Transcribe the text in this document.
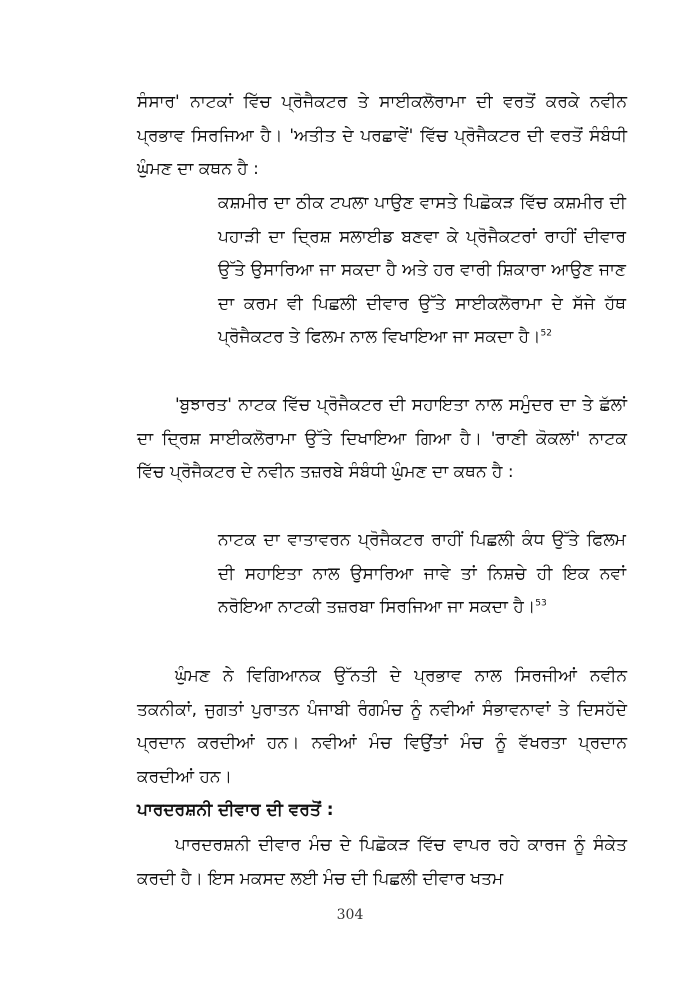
ਸੰਸਾਰ' ਨਾਟਕਾਂ ਵਿੱਚ ਪ੍ਰੋਜੈਕਟਰ ਤੇ ਸਾਈਕਲੋਰਾਮਾ ਦੀ ਵਰਤੋਂ ਕਰਕੇ ਨਵੀਨ ਪ੍ਰਭਾਵ ਸਿਰਜਿਆ ਹੈ। 'ਅਤੀਤ ਦੇ ਪਰਛਾਵੇਂ' ਵਿੱਚ ਪ੍ਰੋਜੈਕਟਰ ਦੀ ਵਰਤੋਂ ਸੰਬੰਧੀ ਘੁੰਮਣ ਦਾ ਕਥਨ ਹੈ :

ਕਸ਼ਮੀਰ ਦਾ ਠੀਕ ਟਪਲਾ ਪਾਉਣ ਵਾਸਤੇ ਪਿਛੋਕੜ ਵਿੱਚ ਕਸ਼ਮੀਰ ਦੀ ਪਹਾੜੀ ਦਾ ਦ੍ਰਿਸ਼ ਸਲਾਈਡ ਬਣਵਾ ਕੇ ਪ੍ਰੋਜੈਕਟਰਾਂ ਰਾਹੀਂ ਦੀਵਾਰ ਉੱਤੇ ਉਸਾਰਿਆ ਜਾ ਸਕਦਾ ਹੈ ਅਤੇ ਹਰ ਵਾਰੀ ਸ਼ਿਕਾਰਾ ਆਉਣ ਜਾਣ ਦਾ ਕਰਮ ਵੀ ਪਿਛਲੀ ਦੀਵਾਰ ਉੱਤੇ ਸਾਈਕਲੋਰਾਮਾ ਦੇ ਸੱਜੇ ਹੱਥ ਪ੍ਰੋਜੈਕਟਰ ਤੇ ਫਿਲਮ ਨਾਲ ਵਿਖਾਇਆ ਜਾ ਸਕਦਾ ਹੈ।$^{52}$

'ਬੁਝਾਰਤ' ਨਾਟਕ ਵਿੱਚ ਪ੍ਰੋਜੈਕਟਰ ਦੀ ਸਹਾਇਤਾ ਨਾਲ ਸਮੁੰਦਰ ਦਾ ਤੇ ਛੱਲਾਂ ਦਾ ਦ੍ਰਿਸ਼ ਸਾਈਕਲੋਰਾਮਾ ਉੱਤੇ ਦਿਖਾਇਆ ਗਿਆ ਹੈ। 'ਰਾਣੀ ਕੋਕਲਾਂ' ਨਾਟਕ ਵਿੱਚ ਪ੍ਰੋਜੈਕਟਰ ਦੇ ਨਵੀਨ ਤਜ਼ਰਬੇ ਸੰਬੰਧੀ ਘੁੰਮਣ ਦਾ ਕਥਨ ਹੈ :

ਨਾਟਕ ਦਾ ਵਾਤਾਵਰਨ ਪ੍ਰੋਜੈਕਟਰ ਰਾਹੀਂ ਪਿਛਲੀ ਕੰਧ ਉੱਤੇ ਫਿਲਮ ਦੀ ਸਹਾਇਤਾ ਨਾਲ ਉਸਾਰਿਆ ਜਾਵੇ ਤਾਂ ਨਿਸ਼ਚੇ ਹੀ ਇਕ ਨਵਾਂ ਨਰੋਇਆ ਨਾਟਕੀ ਤਜ਼ਰਬਾ ਸਿਰਜਿਆ ਜਾ ਸਕਦਾ ਹੈ।$^{53}$

ਘੁੰਮਣ ਨੇ ਵਿਗਿਆਨਕ ਉੱਨਤੀ ਦੇ ਪ੍ਰਭਾਵ ਨਾਲ ਸਿਰਜੀਆਂ ਨਵੀਨ ਤਕਨੀਕਾਂ, ਜੁਗਤਾਂ ਪੁਰਾਤਨ ਪੰਜਾਬੀ ਰੰਗਮੰਚ ਨੂੰ ਨਵੀਆਂ ਸੰਭਾਵਨਾਵਾਂ ਤੇ ਦਿਸਹੱਦੇ ਪ੍ਰਦਾਨ ਕਰਦੀਆਂ ਹਨ। ਨਵੀਆਂ ਮੰਚ ਵਿਉਂਤਾਂ ਮੰਚ ਨੂੰ ਵੱਖਰਤਾ ਪ੍ਰਦਾਨ ਕਰਦੀਆਂ ਹਨ।

ਪਾਰਦਰਸ਼ਨੀ ਦੀਵਾਰ ਦੀ ਵਰਤੋਂ :

ਪਾਰਦਰਸ਼ਨੀ ਦੀਵਾਰ ਮੰਚ ਦੇ ਪਿਛੋਕੜ ਵਿੱਚ ਵਾਪਰ ਰਹੇ ਕਾਰਜ ਨੂੰ ਸੰਕੇਤ ਕਰਦੀ ਹੈ। ਇਸ ਮਕਸਦ ਲਈ ਮੰਚ ਦੀ ਪਿਛਲੀ ਦੀਵਾਰ ਖਤਮ

304
